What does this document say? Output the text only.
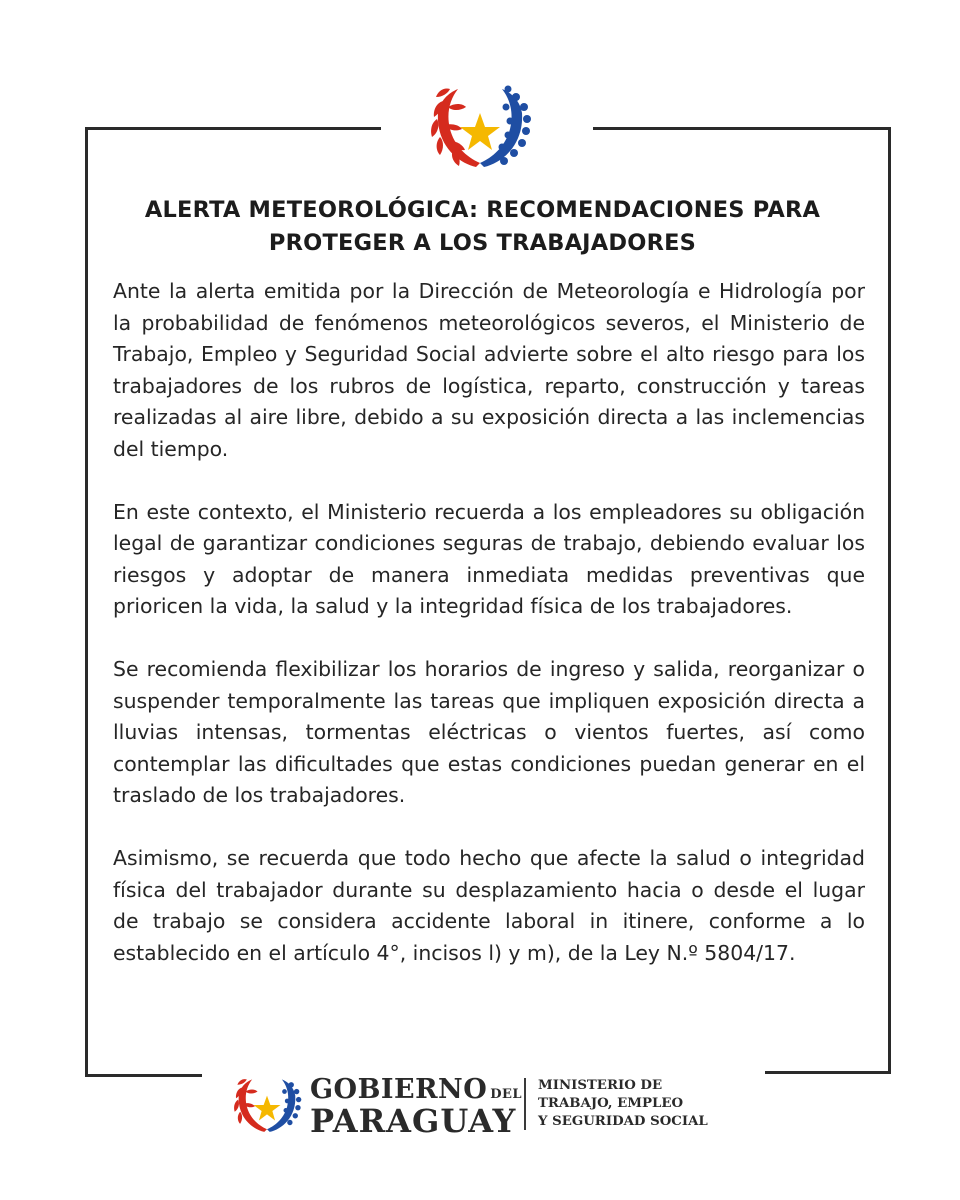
ALERTA METEOROLÓGICA: RECOMENDACIONES PARA
PROTEGER A LOS TRABAJADORES

Ante la alerta emitida por la Dirección de Meteorología e Hidrología por la probabilidad de fenómenos meteorológicos severos, el Ministerio de Trabajo, Empleo y Seguridad Social advierte sobre el alto riesgo para los trabajadores de los rubros de logística, reparto, construcción y tareas realizadas al aire libre, debido a su exposición directa a las inclemencias del tiempo.

En este contexto, el Ministerio recuerda a los empleadores su obligación legal de garantizar condiciones seguras de trabajo, debiendo evaluar los riesgos y adoptar de manera inmediata medidas preventivas que prioricen la vida, la salud y la integridad física de los trabajadores.

Se recomienda flexibilizar los horarios de ingreso y salida, reorganizar o suspender temporalmente las tareas que impliquen exposición directa a lluvias intensas, tormentas eléctricas o vientos fuertes, así como contemplar las dificultades que estas condiciones puedan generar en el traslado de los trabajadores.

Asimismo, se recuerda que todo hecho que afecte la salud o integridad física del trabajador durante su desplazamiento hacia o desde el lugar de trabajo se considera accidente laboral in itinere, conforme a lo establecido en el artículo 4°, incisos l) y m), de la Ley N.º 5804/17.

GOBIERNO DEL
PARAGUAY
MINISTERIO DE
TRABAJO, EMPLEO
Y SEGURIDAD SOCIAL
